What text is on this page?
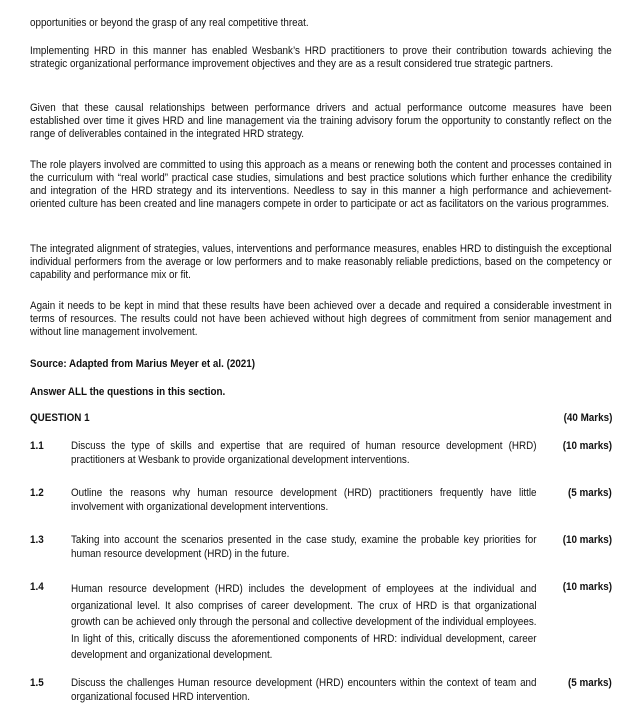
opportunities or beyond the grasp of any real competitive threat.

Implementing HRD in this manner has enabled Wesbank’s HRD practitioners to prove their contribution towards achieving the strategic organizational performance improvement objectives and they are as a result considered true strategic partners.

Given that these causal relationships between performance drivers and actual performance outcome measures have been established over time it gives HRD and line management via the training advisory forum the opportunity to constantly reflect on the range of deliverables contained in the integrated HRD strategy.

The role players involved are committed to using this approach as a means or renewing both the content and processes contained in the curriculum with “real world” practical case studies, simulations and best practice solutions which further enhance the credibility and integration of the HRD strategy and its interventions. Needless to say in this manner a high performance and achievement-oriented culture has been created and line managers compete in order to participate or act as facilitators on the various programmes.

The integrated alignment of strategies, values, interventions and performance measures, enables HRD to distinguish the exceptional individual performers from the average or low performers and to make reasonably reliable predictions, based on the competency or capability and performance mix or fit.

Again it needs to be kept in mind that these results have been achieved over a decade and required a considerable investment in terms of resources. The results could not have been achieved without high degrees of commitment from senior management and without line management involvement.

Source: Adapted from Marius Meyer et al. (2021)

Answer ALL the questions in this section.

QUESTION 1	(40 Marks)
1.1 Discuss the type of skills and expertise that are required of human resource development (HRD) practitioners at Wesbank to provide organizational development interventions.

(10 marks)
1.2 Outline the reasons why human resource development (HRD) practitioners frequently have little involvement with organizational development interventions.

(5 marks)
1.3 Taking into account the scenarios presented in the case study, examine the probable key priorities for human resource development (HRD) in the future.

(10 marks)
1.4 Human resource development (HRD) includes the development of employees at the individual and organizational level. It also comprises of career development. The crux of HRD is that organizational growth can be achieved only through the personal and collective development of the individual employees. In light of this, critically discuss the aforementioned components of HRD: individual development, career development and organizational development.

(10 marks)
1.5 Discuss the challenges Human resource development (HRD) encounters within the context of team and organizational focused HRD intervention.

(5 marks)
